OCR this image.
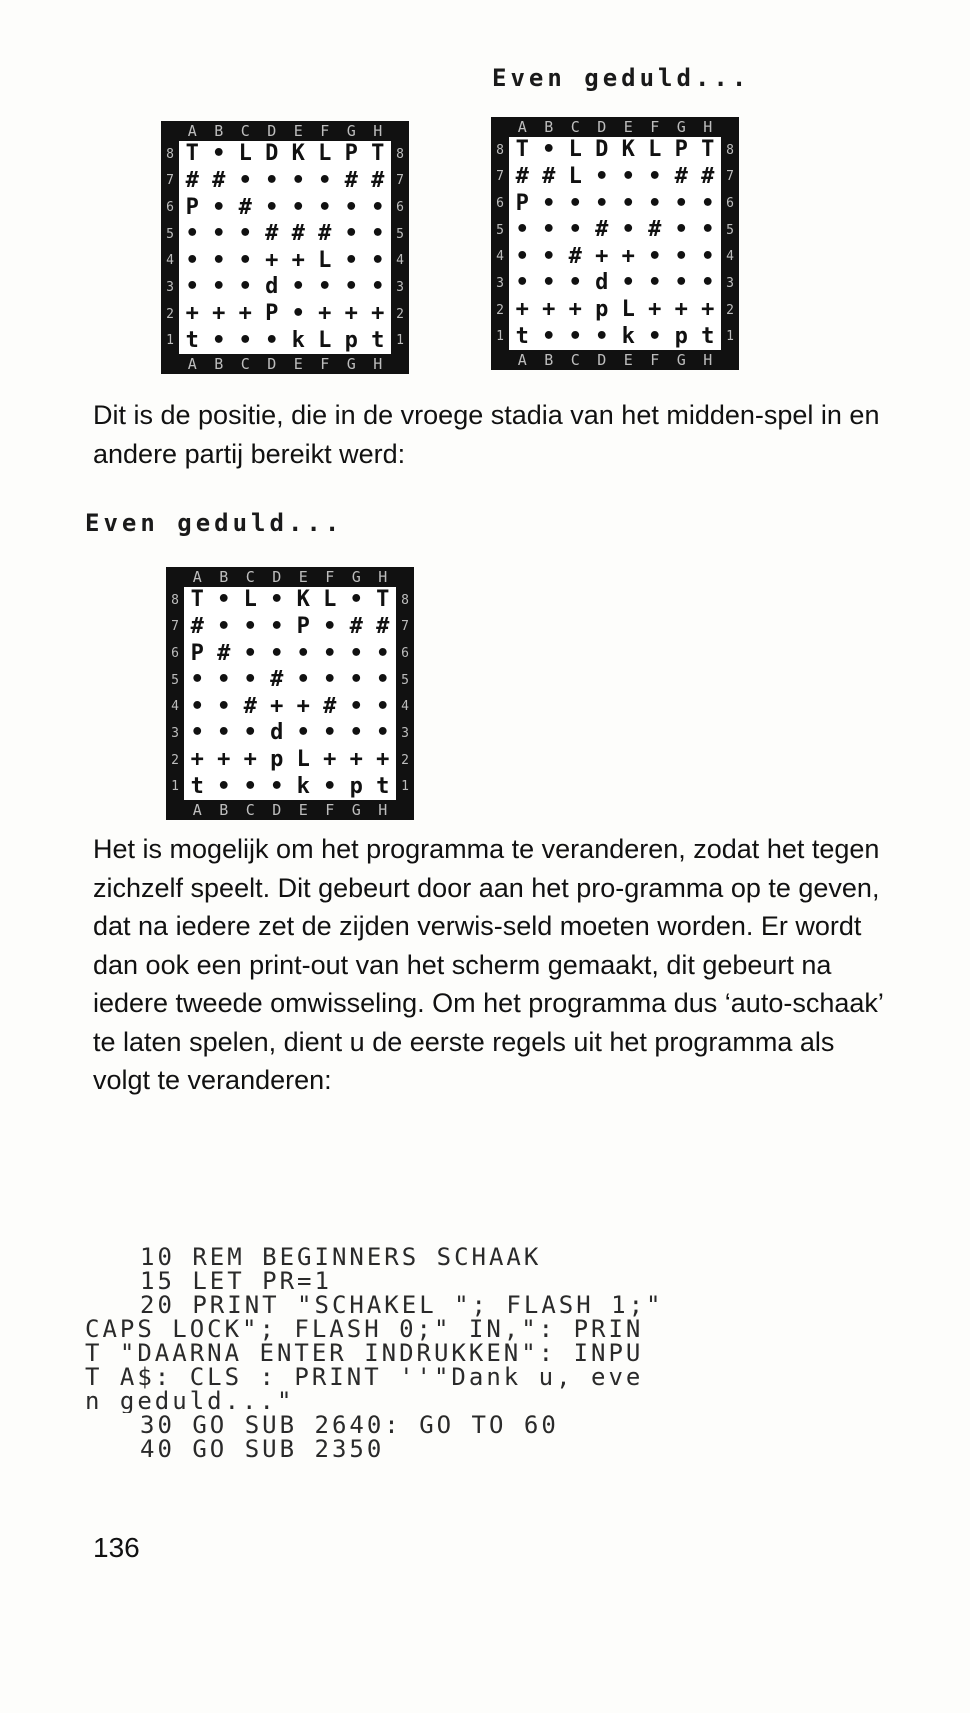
Even geduld...
A B C D E F G H
A B C D E F G H
8
7
6
5
4
3
2
1
8
7
6
5
4
3
2
1
T • L D K L P T
# # • • • • # #
P • # • • • • •
• • • # # # • •
• • • + + L • •
• • • d • • • •
+ + + P • + + +
t • • • k L p t
A B C D E F G H
A B C D E F G H
8
7
6
5
4
3
2
1
8
7
6
5
4
3
2
1
T • L D K L P T
# # L • • • # #
P • • • • • • •
• • • # • # • •
• • # + + • • •
• • • d • • • •
+ + + p L + + +
t • • • k • p t

Dit is de positie, die in de vroege stadia van het midden-spel in en andere partij bereikt werd:

Even geduld...
A B C D E F G H
A B C D E F G H
8
7
6
5
4
3
2
1
8
7
6
5
4
3
2
1
T • L • K L • T
# • • • P • # #
P # • • • • • •
• • • # • • • •
• • # + + # • •
• • • d • • • •
+ + + p L + + +
t • • • k • p t

Het is mogelijk om het programma te veranderen, zodat het tegen zichzelf speelt. Dit gebeurt door aan het pro-gramma op te geven, dat na iedere zet de zijden verwis-seld moeten worden. Er wordt dan ook een print-out van het scherm gemaakt, dit gebeurt na iedere tweede omwisseling. Om het programma dus ‘auto-schaak’ te laten spelen, dient u de eerste regels uit het programma als volgt te veranderen:

10 REM BEGINNERS SCHAAK
15 LET PR=1
20 PRINT "SCHAKEL "; FLASH 1;"
CAPS LOCK"; FLASH 0;" IN,": PRIN
T "DAARNA ENTER INDRUKKEN": INPU
T A$: CLS : PRINT ''"Dank u, eve
n geduld..."
30 GO SUB 2640: GO TO 60
40 GO SUB 2350
136
